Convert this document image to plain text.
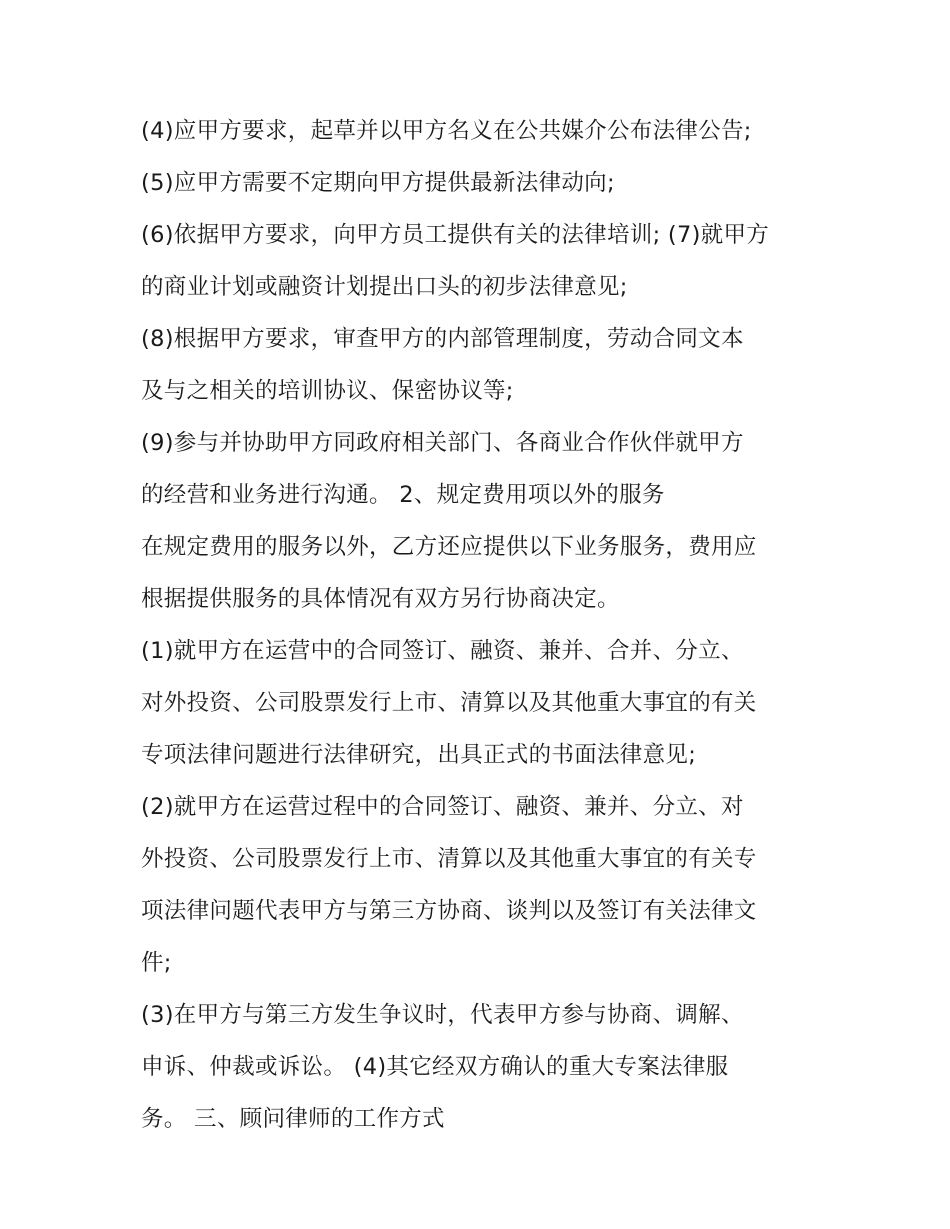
(4)应甲方要求，起草并以甲方名义在公共媒介公布法律公告;
(5)应甲方需要不定期向甲方提供最新法律动向;
(6)依据甲方要求，向甲方员工提供有关的法律培训; (7)就甲方
的商业计划或融资计划提出口头的初步法律意见;
(8)根据甲方要求，审查甲方的内部管理制度，劳动合同文本
及与之相关的培训协议、保密协议等;
(9)参与并协助甲方同政府相关部门、各商业合作伙伴就甲方
的经营和业务进行沟通。 2、规定费用项以外的服务
在规定费用的服务以外，乙方还应提供以下业务服务，费用应
根据提供服务的具体情况有双方另行协商决定。
(1)就甲方在运营中的合同签订、融资、兼并、合并、分立、
对外投资、公司股票发行上市、清算以及其他重大事宜的有关
专项法律问题进行法律研究，出具正式的书面法律意见;
(2)就甲方在运营过程中的合同签订、融资、兼并、分立、对
外投资、公司股票发行上市、清算以及其他重大事宜的有关专
项法律问题代表甲方与第三方协商、谈判以及签订有关法律文
件;
(3)在甲方与第三方发生争议时，代表甲方参与协商、调解、
申诉、仲裁或诉讼。 (4)其它经双方确认的重大专案法律服
务。 三、顾问律师的工作方式
